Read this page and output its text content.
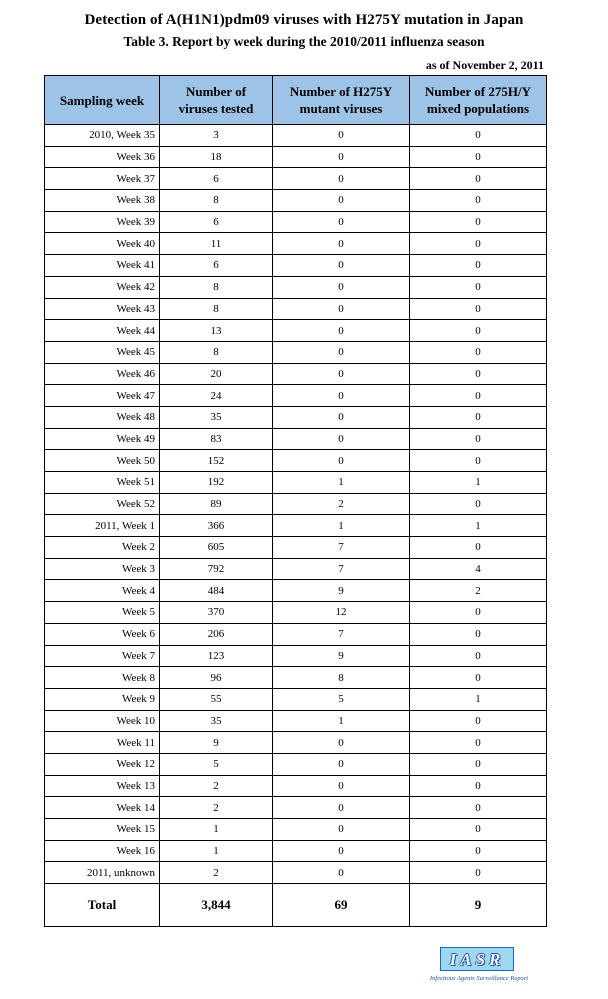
Detection of A(H1N1)pdm09 viruses with H275Y mutation in Japan
Table 3. Report by week during the 2010/2011 influenza season
as of November 2, 2011
Sampling week	Number of viruses tested	Number of H275Y mutant viruses	Number of 275H/Y mixed populations
2010, Week 35	3	0	0
Week 36	18	0	0
Week 37	6	0	0
Week 38	8	0	0
Week 39	6	0	0
Week 40	11	0	0
Week 41	6	0	0
Week 42	8	0	0
Week 43	8	0	0
Week 44	13	0	0
Week 45	8	0	0
Week 46	20	0	0
Week 47	24	0	0
Week 48	35	0	0
Week 49	83	0	0
Week 50	152	0	0
Week 51	192	1	1
Week 52	89	2	0
2011, Week 1	366	1	1
Week 2	605	7	0
Week 3	792	7	4
Week 4	484	9	2
Week 5	370	12	0
Week 6	206	7	0
Week 7	123	9	0
Week 8	96	8	0
Week 9	55	5	1
Week 10	35	1	0
Week 11	9	0	0
Week 12	5	0	0
Week 13	2	0	0
Week 14	2	0	0
Week 15	1	0	0
Week 16	1	0	0
2011, unknown	2	0	0
Total	3,844	69	9
IASR
Infectious Agents Surveillance Report
